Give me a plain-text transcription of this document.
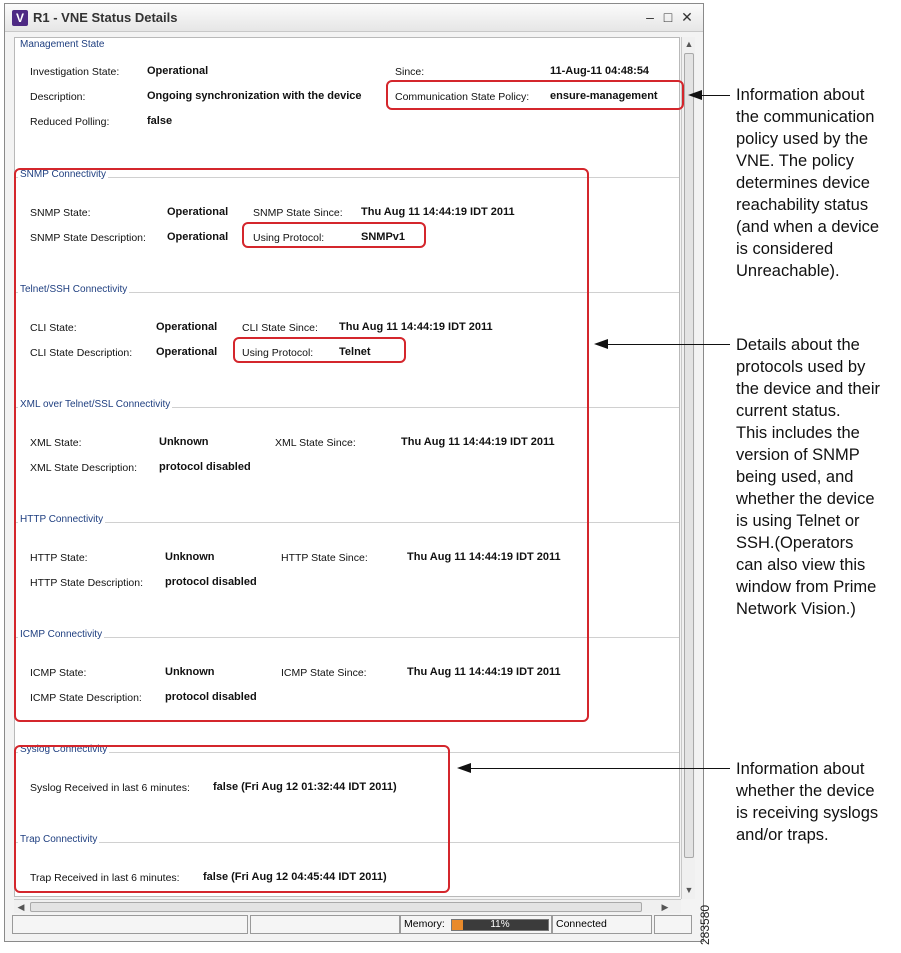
V R1 - VNE Status Details	– □ ✕
Management State
Investigation State:	Operational	Since:	11-Aug-11 04:48:54
Description:	Ongoing synchronization with the device	Communication State Policy: ensure-management
Reduced Polling:	false
SNMP Connectivity
SNMP State:	Operational SNMP State Since: Thu Aug 11 14:44:19 IDT 2011
SNMP State Description: Operational Using Protocol:	SNMPv1
Telnet/SSH Connectivity
CLI State:	Operational CLI State Since: Thu Aug 11 14:44:19 IDT 2011
CLI State Description: Operational Using Protocol: Telnet
XML over Telnet/SSL Connectivity
XML State:	Unknown	XML State Since:	Thu Aug 11 14:44:19 IDT 2011
XML State Description: protocol disabled
HTTP Connectivity
HTTP State:	Unknown	HTTP State Since:	Thu Aug 11 14:44:19 IDT 2011
HTTP State Description: protocol disabled
ICMP Connectivity
ICMP State:	Unknown	ICMP State Since:	Thu Aug 11 14:44:19 IDT 2011
ICMP State Description: protocol disabled
Syslog Connectivity
Syslog Received in last 6 minutes: false (Fri Aug 12 01:32:44 IDT 2011)
Trap Connectivity
Trap Received in last 6 minutes: false (Fri Aug 12 04:45:44 IDT 2011)
▲
▼
◀	▶
Memory:	11%	Connected
Information about
the communication
policy used by the
VNE. The policy
determines device
reachability status
(and when a device
is considered
Unreachable).
Details about the
protocols used by
the device and their
current status.
This includes the
version of SNMP
being used, and
whether the device
is using Telnet or
SSH.(Operators
can also view this
window from Prime
Network Vision.)
Information about
whether the device
is receiving syslogs
and/or traps.
283580
